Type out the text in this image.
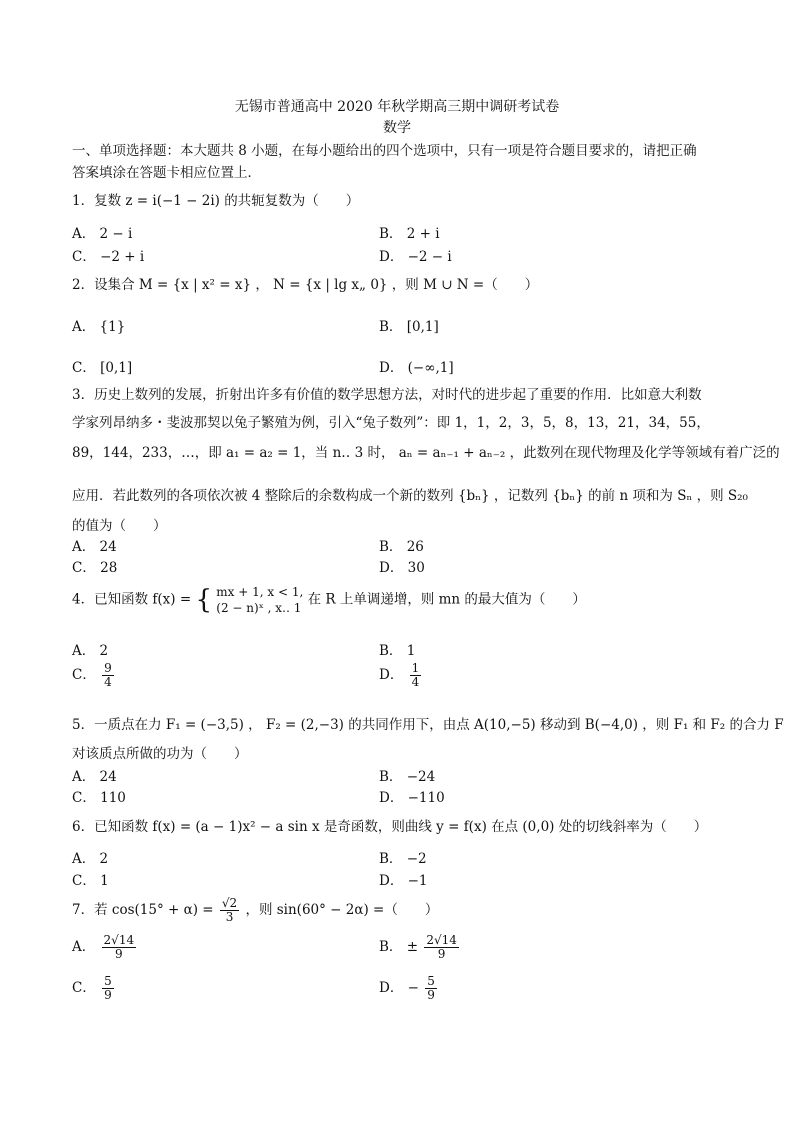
无锡市普通高中 2020 年秋学期高三期中调研考试卷
数学
一、单项选择题：本大题共 8 小题，在每小题给出的四个选项中，只有一项是符合题目要求的，请把正确
答案填涂在答题卡相应位置上．
1．复数 z = i(−1 − 2i) 的共轭复数为（　　）
A． 2 − i	B． 2 + i
C． −2 + i	D． −2 − i
2．设集合 M = {x | x² = x} ， N = {x | lg x„ 0} ，则 M ∪ N =（　　）
A． {1}	B． [0,1]
C． [0,1]	D． (−∞,1]
3．历史上数列的发展，折射出许多有价值的数学思想方法，对时代的进步起了重要的作用．比如意大利数
学家列昂纳多・斐波那契以兔子繁殖为例，引入“兔子数列”：即 1，1，2，3，5，8，13，21，34，55，
89，144，233，…，即 a₁ = a₂ = 1，当 n‥ 3 时， aₙ = aₙ₋₁ + aₙ₋₂ ，此数列在现代物理及化学等领域有着广泛的
应用．若此数列的各项依次被 4 整除后的余数构成一个新的数列 {bₙ} ，记数列 {bₙ} 的前 n 项和为 Sₙ ，则 S₂₀
的值为（　　）
A． 24	B． 26
C． 28	D． 30
4．已知函数 f(x) = { mx + 1, x < 1,
(2 − n)ˣ , x‥ 1
在 R 上单调递增，则 mn 的最大值为（　　）
A． 2	B． 1
C． $\frac{9}{4}$	D． $\frac{1}{4}$
5．一质点在力 F₁ = (−3,5) ， F₂ = (2,−3) 的共同作用下，由点 A(10,−5) 移动到 B(−4,0) ，则 F₁ 和 F₂ 的合力 F
对该质点所做的功为（　　）
A． 24	B． −24
C． 110	D． −110
6．已知函数 f(x) = (a − 1)x² − a sin x 是奇函数，则曲线 y = f(x) 在点 (0,0) 处的切线斜率为（　　）
A． 2	B． −2
C． 1	D． −1
7．若 $\cos(15^\circ + \alpha) = \frac{√2}{3}$ ，则 sin(60° − 2α) =（　　）
A． $\frac{2√14}{9}$	B． ± $\frac{2√14}{9}$
C． $\frac{5}{9}$	D． − $\frac{5}{9}$
